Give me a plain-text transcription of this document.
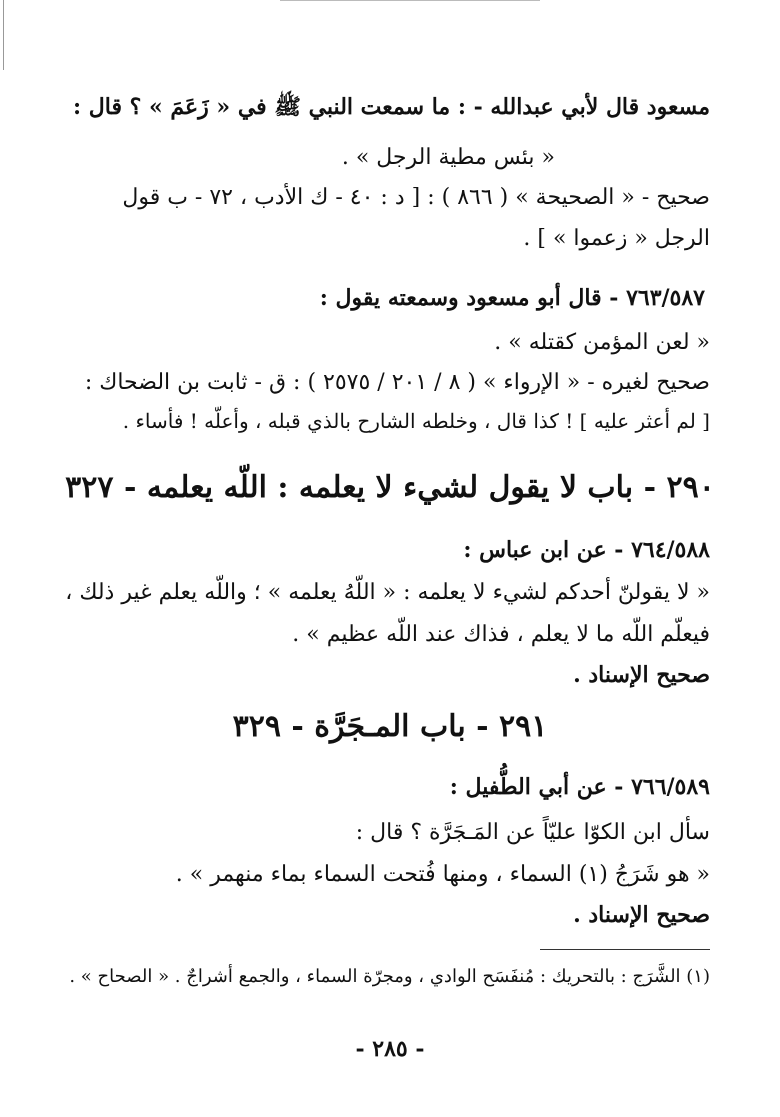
مسعود قال لأبي عبدالله - : ما سمعت النبي ﷺ في « زَعَمَ » ؟ قال :
« بئس مطية الرجل » .
صحيح - « الصحيحة » ( ٨٦٦ ) : [ د : ٤٠ - ك الأدب ، ٧٢ - ب قول
الرجل « زعموا » ] .
٧٦٣/٥٨٧ - قال أبو مسعود وسمعته يقول :
« لعن المؤمن كقتله » .
صحيح لغيره - « الإرواء » ( ٨ / ٢٠١ / ٢٥٧٥ ) : ق - ثابت بن الضحاك :
[ لم أعثر عليه ] ! كذا قال ، وخلطه الشارح بالذي قبله ، وأعلّه ! فأساء .
٢٩٠ - باب لا يقول لشيء لا يعلمه : اللّه يعلمه - ٣٢٧
٧٦٤/٥٨٨ - عن ابن عباس :
« لا يقولنّ أحدكم لشيء لا يعلمه : « اللّهُ يعلمه » ؛ واللّه يعلم غير ذلك ،
فيعلّم اللّه ما لا يعلم ، فذاك عند اللّه عظيم » .
صحيح الإسناد .
٢٩١ - باب المـجَرَّة - ٣٢٩
٧٦٦/٥٨٩ - عن أبي الطُّفيل :
سأل ابن الكوّا عليّاً عن المَـجَرَّة ؟ قال :
« هو شَرَجُ (١) السماء ، ومنها فُتحت السماء بماء منهمر » .
صحيح الإسناد .
(١) الشَّرَج : بالتحريك : مُنفَسَح الوادي ، ومجرّة السماء ، والجمع أشراجٌ . « الصحاح » .
- ٢٨٥ -
